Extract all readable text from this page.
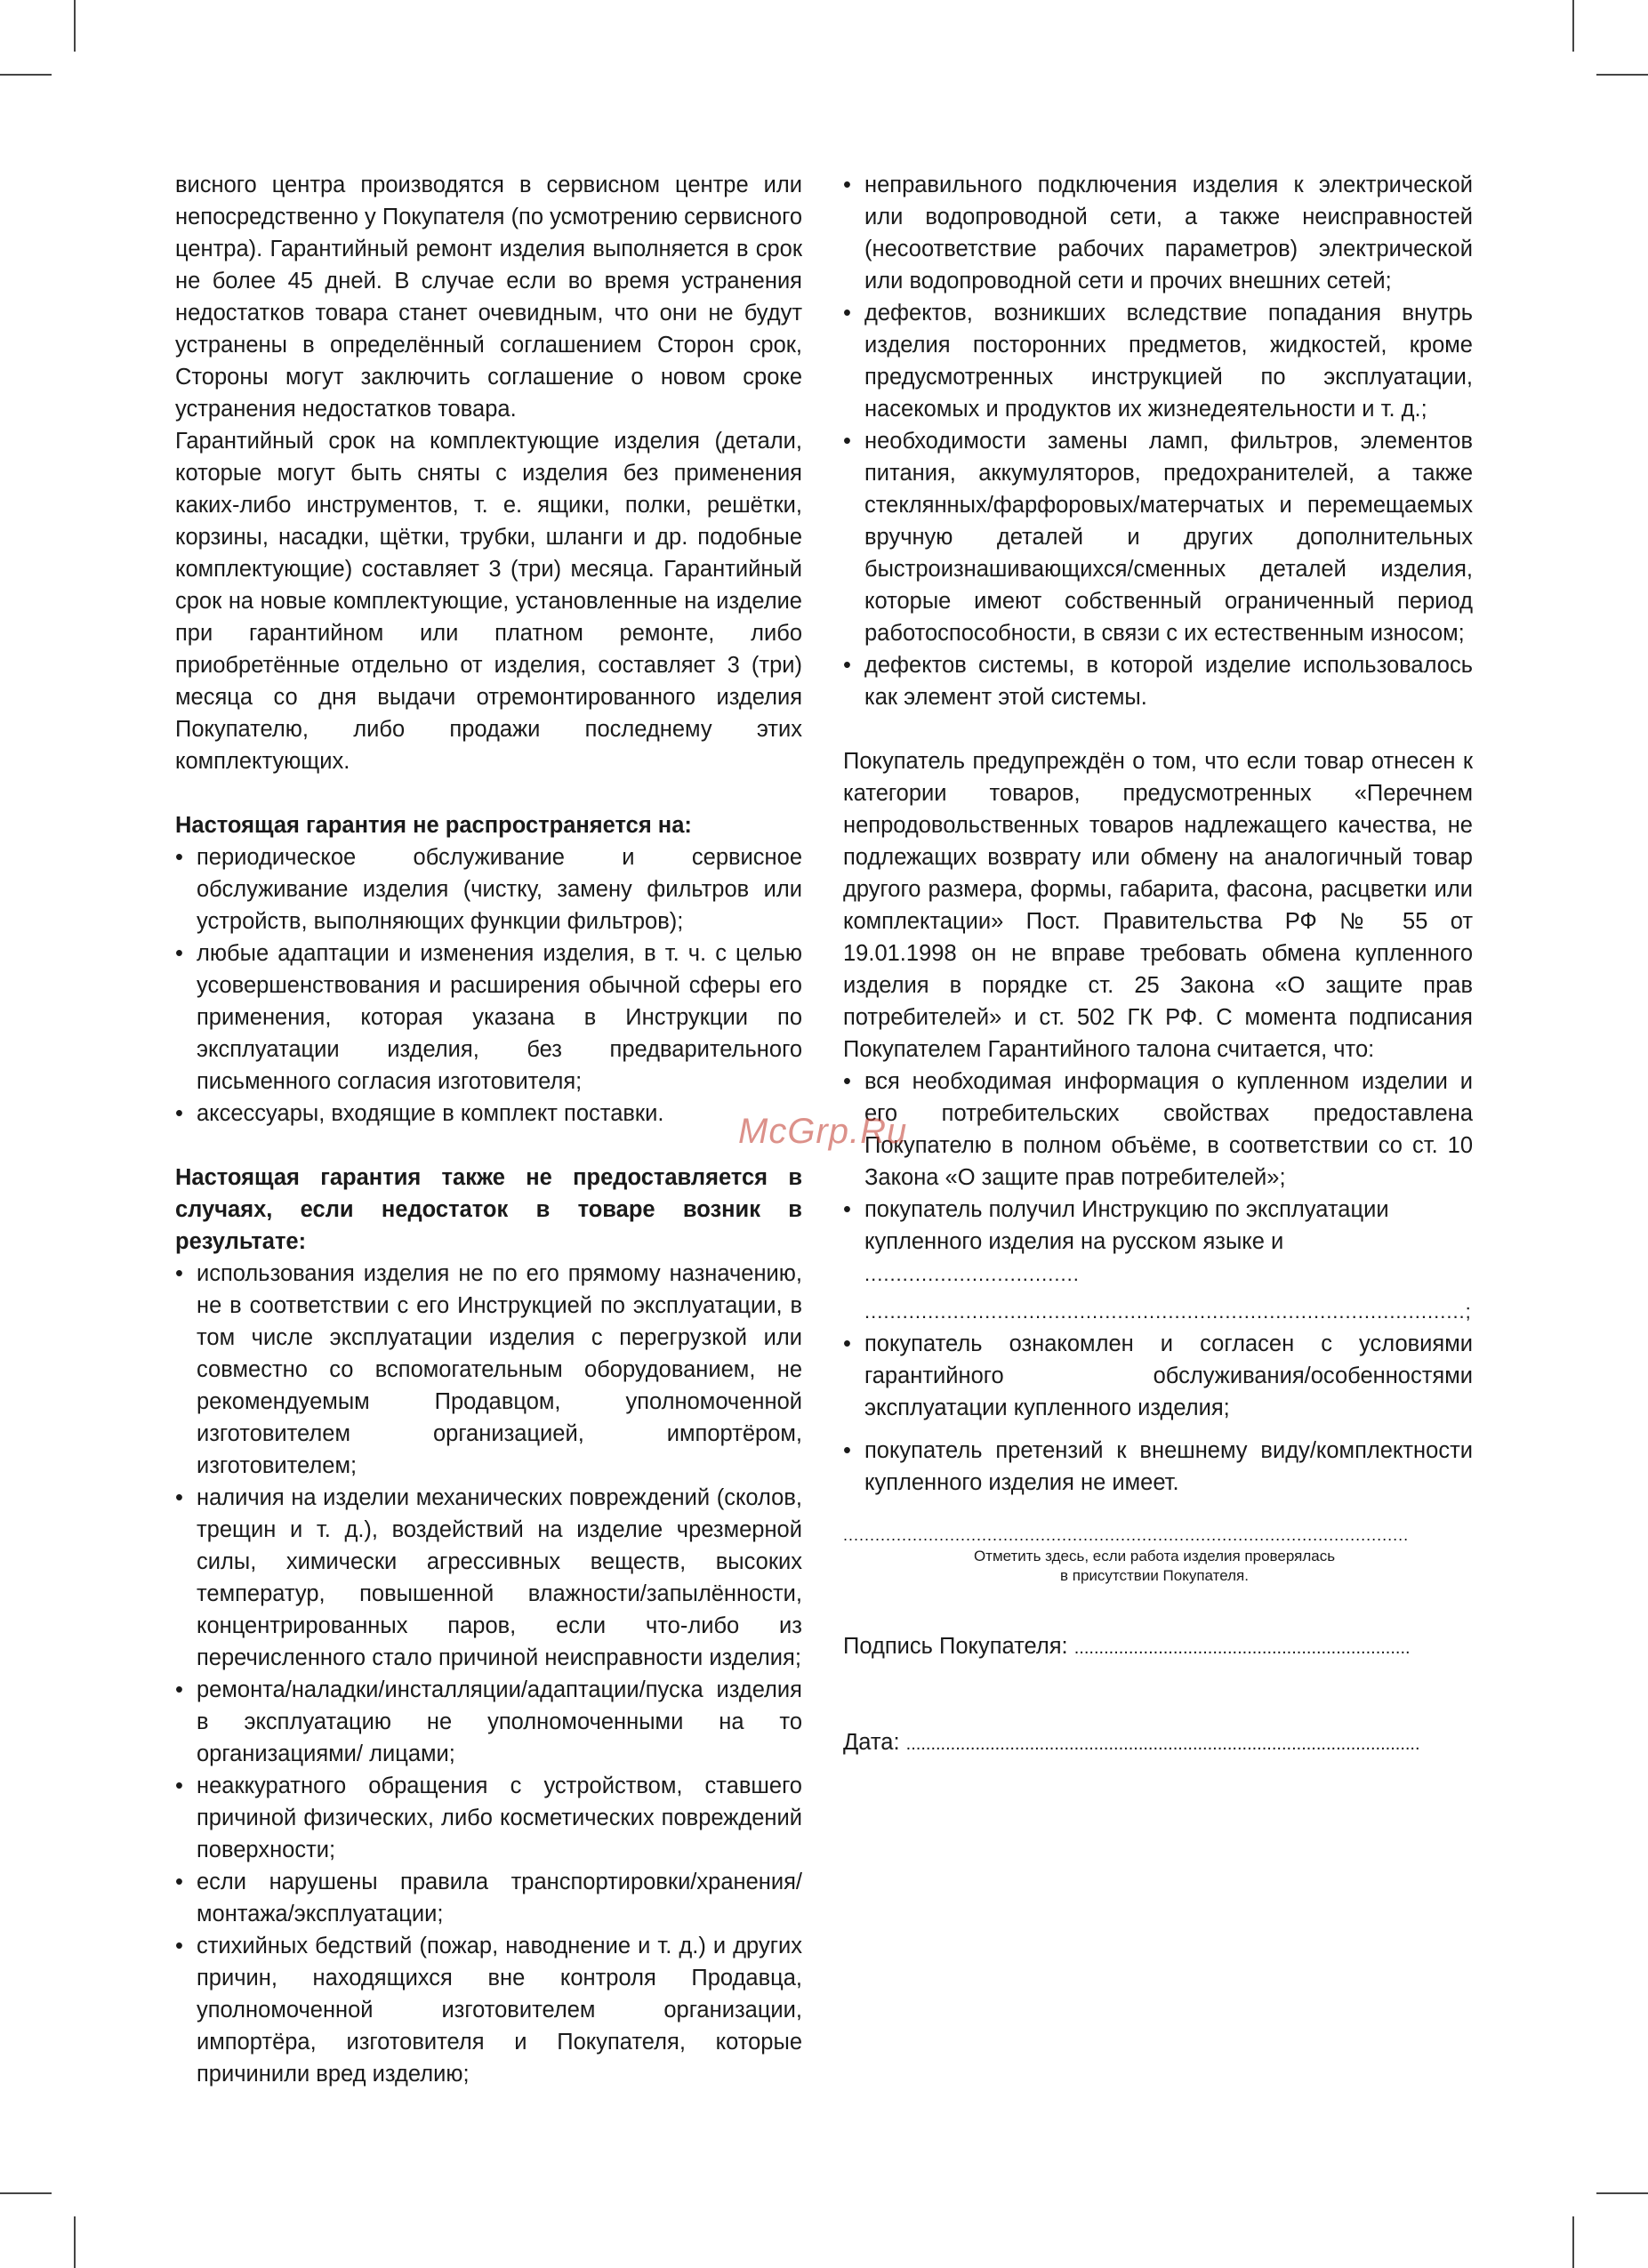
висного центра производятся в сервисном центре или непосредственно у Покупателя (по усмотрению сервисного центра). Гарантийный ремонт изделия выполняется в срок не более 45 дней. В случае если во время устранения недостатков товара станет очевидным, что они не будут устранены в определённый соглашением Сторон срок, Стороны могут заключить соглашение о новом сроке устранения недостатков товара.

Гарантийный срок на комплектующие изделия (детали, которые могут быть сняты с изделия без применения каких-либо инструментов, т. е. ящики, полки, решётки, корзины, насадки, щётки, трубки, шланги и др. подобные комплектующие) составляет 3 (три) месяца. Гарантийный срок на новые комплектующие, установленные на изделие при гарантийном или платном ремонте, либо приобретённые отдельно от изделия, составляет 3 (три) месяца со дня выдачи отремонтированного изделия Покупателю, либо продажи последнему этих комплектующих.

Настоящая гарантия не распространяется на:

• периодическое обслуживание и сервисное обслуживание изделия (чистку, замену фильтров или устройств, выполняющих функции фильтров);
• любые адаптации и изменения изделия, в т. ч. с целью усовершенствования и расширения обычной сферы его применения, которая указана в Инструкции по эксплуатации изделия, без предварительного письменного согласия изготовителя;
• аксессуары, входящие в комплект поставки.

Настоящая гарантия также не предоставляется в случаях, если недостаток в товаре возник в результате:

• использования изделия не по его прямому назначению, не в соответствии с его Инструкцией по эксплуатации, в том числе эксплуатации изделия с перегрузкой или совместно со вспомогательным оборудованием, не рекомендуемым Продавцом, уполномоченной изготовителем организацией, импортёром, изготовителем;
• наличия на изделии механических повреждений (сколов, трещин и т. д.), воздействий на изделие чрезмерной силы, химически агрессивных веществ, высоких температур, повышенной влажности/запылённости, концентрированных паров, если что-либо из перечисленного стало причиной неисправности изделия;
• ремонта/наладки/инсталляции/адаптации/пуска изделия в эксплуатацию не уполномоченными на то организациями/ лицами;
• неаккуратного обращения с устройством, ставшего причиной физических, либо косметических повреждений поверхности;
• если нарушены правила транспортировки/хранения/ монтажа/эксплуатации;
• стихийных бедствий (пожар, наводнение и т. д.) и других причин, находящихся вне контроля Продавца, уполномоченной изготовителем организации, импортёра, изготовителя и Покупателя, которые причинили вред изделию;
• неправильного подключения изделия к электрической или водопроводной сети, а также неисправностей (несоответствие рабочих параметров) электрической или водопроводной сети и прочих внешних сетей;
• дефектов, возникших вследствие попадания внутрь изделия посторонних предметов, жидкостей, кроме предусмотренных инструкцией по эксплуатации, насекомых и продуктов их жизнедеятельности и т. д.;
• необходимости замены ламп, фильтров, элементов питания, аккумуляторов, предохранителей, а также стеклянных/фарфоровых/матерчатых и перемещаемых вручную деталей и других дополнительных быстроизнашивающихся/сменных деталей изделия, которые имеют собственный ограниченный период работоспособности, в связи с их естественным износом;
• дефектов системы, в которой изделие использовалось как элемент этой системы.

Покупатель предупреждён о том, что если товар отнесен к категории товаров, предусмотренных «Перечнем непродовольственных товаров надлежащего качества, не подлежащих возврату или обмену на аналогичный товар другого размера, формы, габарита, фасона, расцветки или комплектации» Пост. Правительства РФ № 55 от 19.01.1998 он не вправе требовать обмена купленного изделия в порядке ст. 25 Закона «О защите прав потребителей» и ст. 502 ГК РФ. С момента подписания Покупателем Гарантийного талона считается, что:

• вся необходимая информация о купленном изделии и его потребительских свойствах предоставлена Покупателю в полном объёме, в соответствии со ст. 10 Закона «О защите прав потребителей»;
• покупатель получил Инструкцию по эксплуатации купленного изделия на русском языке и ..................................
...............................................................................................;
• покупатель ознакомлен и согласен с условиями гарантийного обслуживания/особенностями эксплуатации купленного изделия;
• покупатель претензий к внешнему виду/комплектности купленного изделия не имеет.
..........................................................................................................

Отметить здесь, если работа изделия проверялась

в присутствии Покупателя.

Подпись Покупателя: ....................................................................
Дата: ........................................................................................................
McGrp.Ru
